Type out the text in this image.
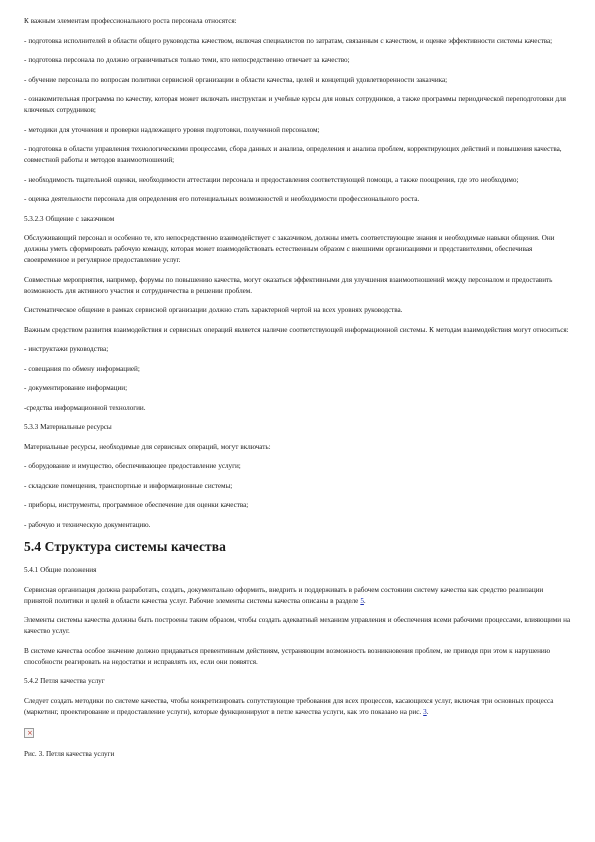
К важным элементам профессионального роста персонала относятся:

- подготовка исполнителей в области общего руководства качеством, включая специалистов по затратам, связанным с качеством, и оценке эффективности системы качества;

- подготовка персонала по должно ограничиваться только теми, кто непосредственно отвечает за качество;

- обучение персонала по вопросам политики сервисной организации в области качества, целей и концепций удовлетворенности заказчика;

- ознакомительная программа по качеству, которая может включать инструктаж и учебные курсы для новых сотрудников, а также программы периодической переподготовки для ключевых сотрудников;

- методики для уточнения и проверки надлежащего уровня подготовки, полученной персоналом;

- подготовка в области управления технологическими процессами, сбора данных и анализа, определения и анализа проблем, корректирующих действий и повышения качества, совместной работы и методов взаимоотношений;

- необходимость тщательной оценки, необходимости аттестации персонала и предоставления соответствующей помощи, а также поощрения, где это необходимо;

- оценка деятельности персонала для определения его потенциальных возможностей и необходимости профессионального роста.

5.3.2.3 Общение с заказчиком

Обслуживающий персонал и особенно те, кто непосредственно взаимодействует с заказчиком, должны иметь соответствующие знания и необходимые навыки общения. Они должны уметь сформировать рабочую команду, которая может взаимодействовать естественным образом с внешними организациями и представителями, обеспечивая своевременное и регулярное предоставление услуг.

Совместные мероприятия, например, форумы по повышению качества, могут оказаться эффективными для улучшения взаимоотношений между персоналом и предоставить возможность для активного участия и сотрудничества в решении проблем.

Систематическое общение в рамках сервисной организации должно стать характерной чертой на всех уровнях руководства.

Важным средством развития взаимодействия и сервисных операций является наличие соответствующей информационной системы. К методам взаимодействия могут относиться:

- инструктажи руководства;

- совещания по обмену информацией;

- документирование информации;

-средства информационной технологии.

5.3.3 Материальные ресурсы

Материальные ресурсы, необходимые для сервисных операций, могут включать:

- оборудование и имущество, обеспечивающее предоставление услуги;

- складские помещения, транспортные и информационные системы;

- приборы, инструменты, программное обеспечение для оценки качества;

- рабочую и техническую документацию.

5.4 Структура системы качества

5.4.1 Общие положения

Сервисная организация должна разработать, создать, документально оформить, внедрить и поддерживать в рабочем состоянии систему качества как средство реализации принятой политики и целей в области качества услуг. Рабочие элементы системы качества описаны в разделе 5.

Элементы системы качества должны быть построены таким образом, чтобы создать адекватный механизм управления и обеспечения всеми рабочими процессами, влияющими на качество услуг.

В системе качества особое значение должно придаваться превентивным действиям, устраняющим возможность возникновения проблем, не приводя при этом к нарушению способности реагировать на недостатки и исправлять их, если они появятся.

5.4.2 Петля качества услуг

Следует создать методики по системе качества, чтобы конкретизировать сопутствующие требования для всех процессов, касающихся услуг, включая три основных процесса (маркетинг, проектирование и предоставление услуги), которые функционируют в петле качества услуги, как это показано на рис. 3.

×

Рис. 3. Петля качества услуги
